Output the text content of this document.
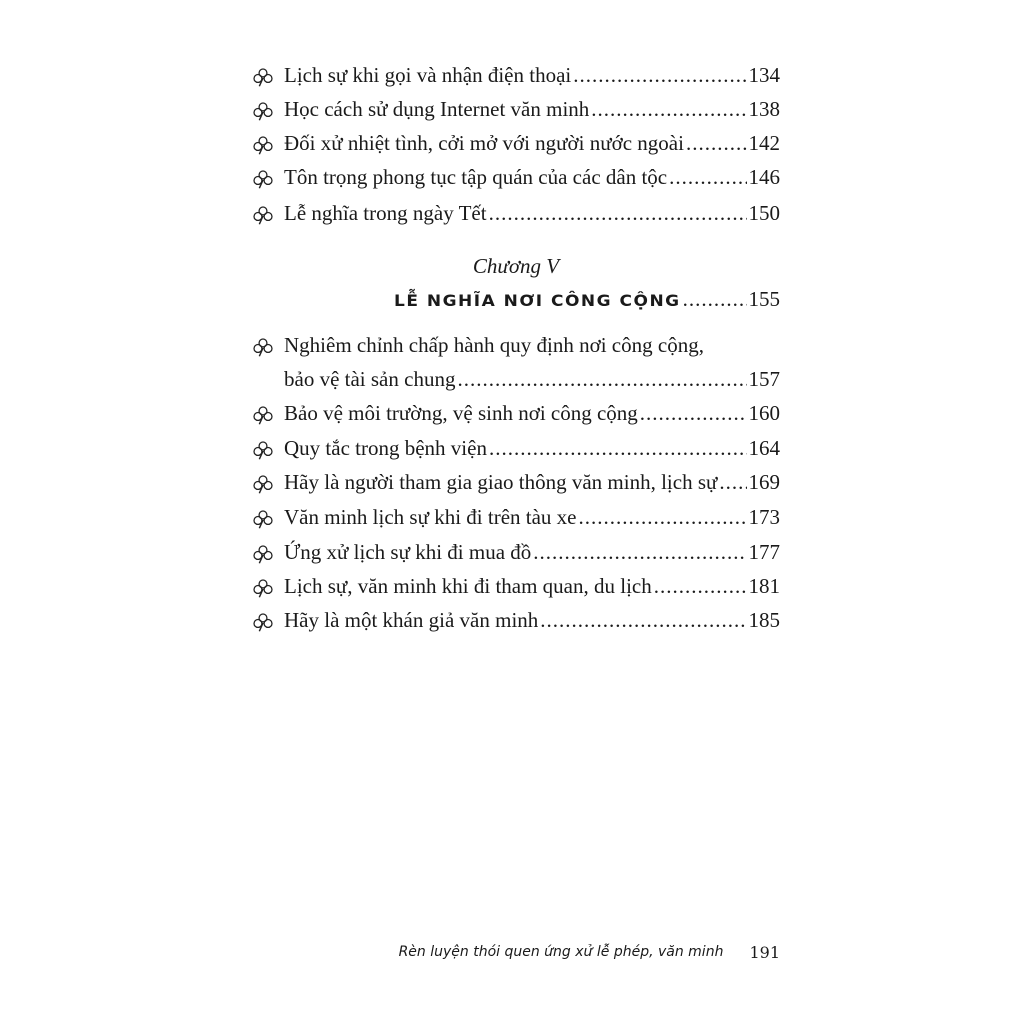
Lịch sự khi gọi và nhận điện thoại .....	134
Học cách sử dụng Internet văn minh .....	138
Đối xử nhiệt tình, cởi mở với người nước ngoài .....	142
Tôn trọng phong tục tập quán của các dân tộc .....	146
Lễ nghĩa trong ngày Tết .....	150
Chương V
LỄ NGHĨA NƠI CÔNG CỘNG .....	155
Nghiêm chỉnh chấp hành quy định nơi công cộng,
bảo vệ tài sản chung .....	157
Bảo vệ môi trường, vệ sinh nơi công cộng .....	160
Quy tắc trong bệnh viện .....	164
Hãy là người tham gia giao thông văn minh, lịch sự ..... 169
Văn minh lịch sự khi đi trên tàu xe .....	173
Ứng xử lịch sự khi đi mua đồ .....	177
Lịch sự, văn minh khi đi tham quan, du lịch .....	181
Hãy là một khán giả văn minh .....	185
Rèn luyện thói quen ứng xử lễ phép, văn minh 191
